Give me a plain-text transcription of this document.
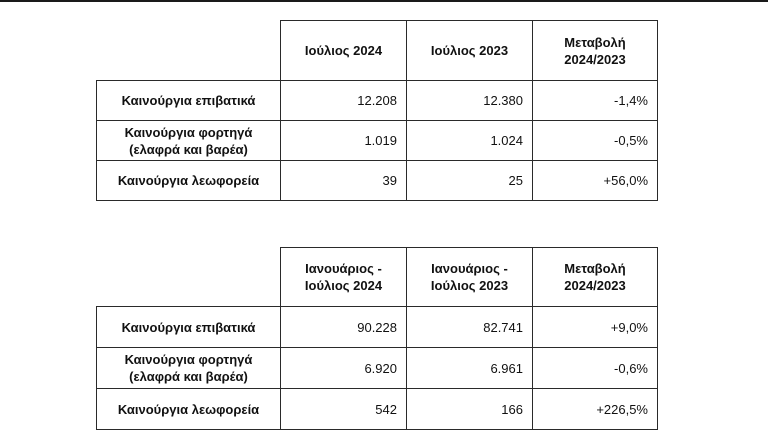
	Ιούλιος 2024	Ιούλιος 2023	Μεταβολή 2024/2023
Καινούργια επιβατικά	12.208	12.380	-1,4%
Καινούργια φορτηγά (ελαφρά και βαρέα)	1.019	1.024	-0,5%
Καινούργια λεωφορεία	39	25	+56,0%
	Ιανουάριος - Ιούλιος 2024	Ιανουάριος - Ιούλιος 2023	Μεταβολή 2024/2023
Καινούργια επιβατικά	90.228	82.741	+9,0%
Καινούργια φορτηγά (ελαφρά και βαρέα)	6.920	6.961	-0,6%
Καινούργια λεωφορεία	542	166	+226,5%
